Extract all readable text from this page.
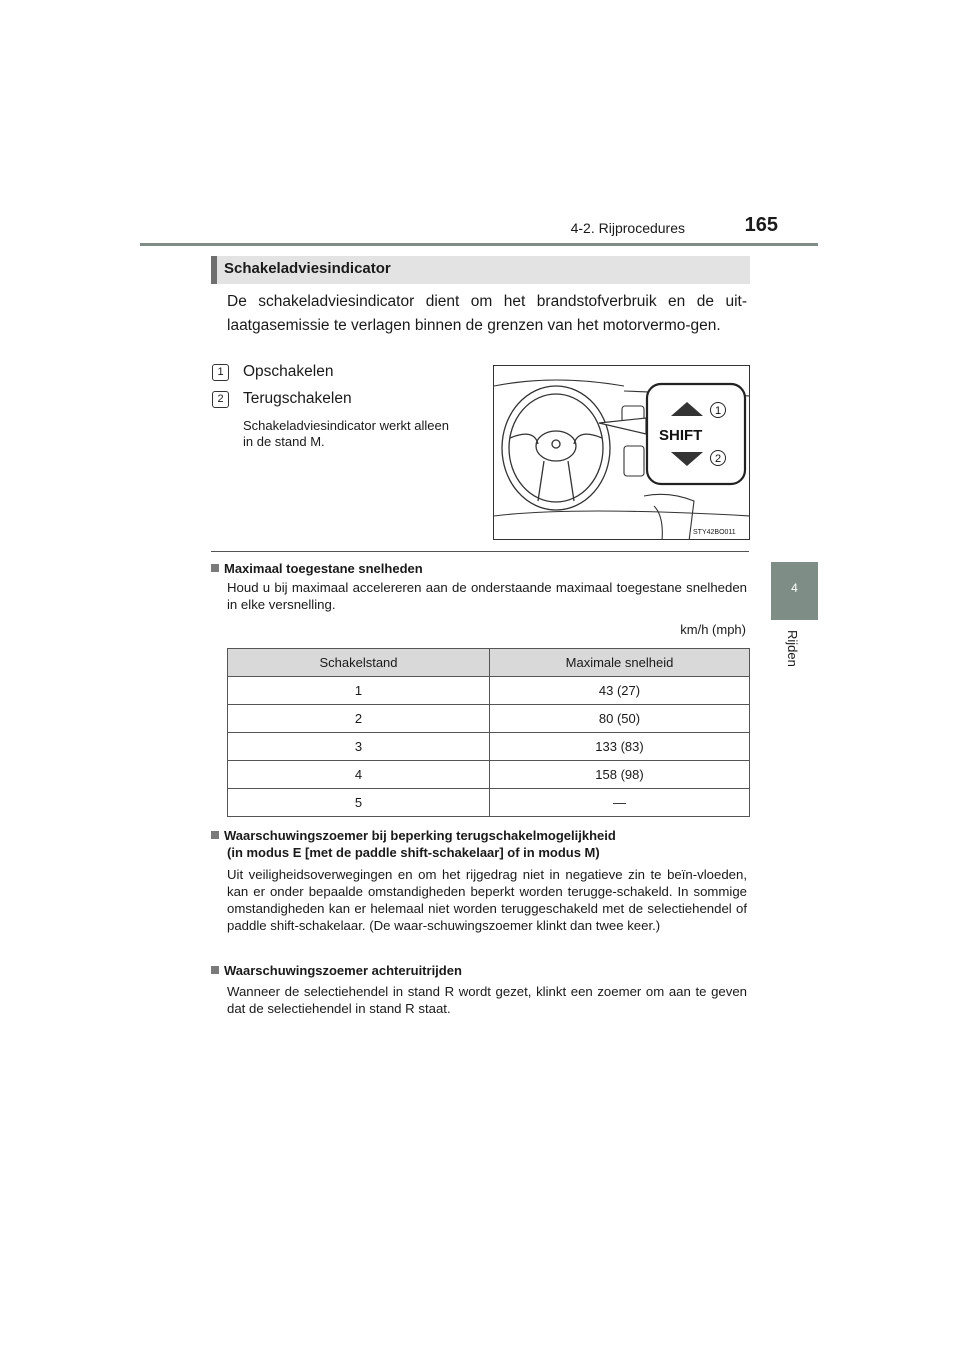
4-2. Rijprocedures	165
4
Rijden
Schakeladviesindicator
De schakeladviesindicator dient om het brandstofverbruik en de uit-laatgasemissie te verlagen binnen de grenzen van het motorvermo-gen.
1	Opschakelen
2	Terugschakelen
Schakeladviesindicator werkt alleen in de stand M.	SHIFT
1
2
STY42BO011
Maximaal toegestane snelheden
Houd u bij maximaal accelereren aan de onderstaande maximaal toegestane snelheden in elke versnelling.
km/h (mph)
Schakelstand	Maximale snelheid
1	43 (27)
2	80 (50)
3	133 (83)
4	158 (98)
5	—
Waarschuwingszoemer bij beperking terugschakelmogelijkheid
(in modus E [met de paddle shift-schakelaar] of in modus M)
Uit veiligheidsoverwegingen en om het rijgedrag niet in negatieve zin te beïn-vloeden, kan er onder bepaalde omstandigheden beperkt worden terugge-schakeld. In sommige omstandigheden kan er helemaal niet worden teruggeschakeld met de selectiehendel of paddle shift-schakelaar. (De waar-schuwingszoemer klinkt dan twee keer.)
Waarschuwingszoemer achteruitrijden
Wanneer de selectiehendel in stand R wordt gezet, klinkt een zoemer om aan te geven dat de selectiehendel in stand R staat.
